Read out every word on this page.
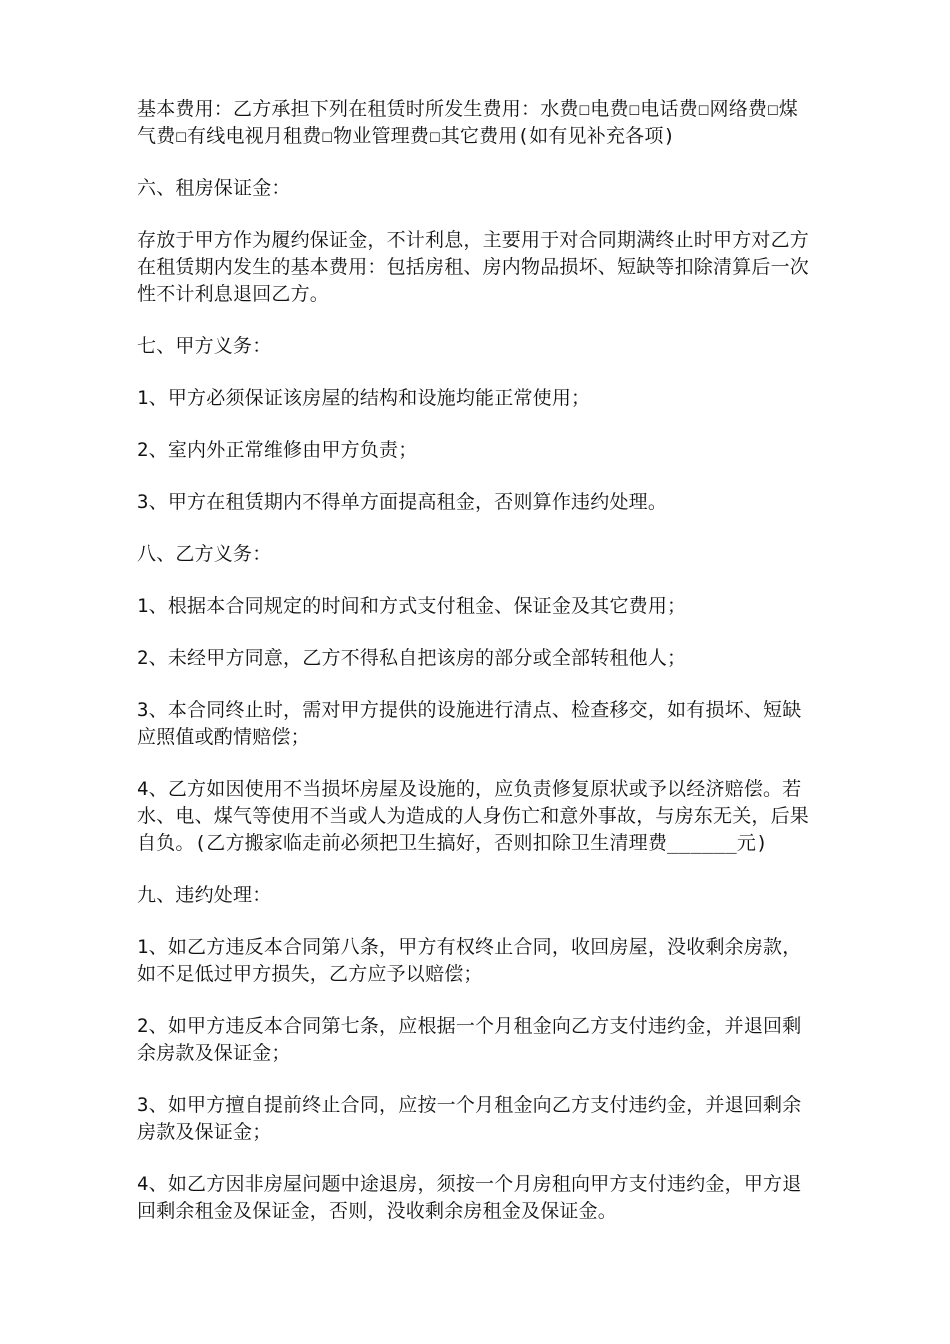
基本费用：乙方承担下列在租赁时所发生费用：水费☐电费☐电话费☐网络费☐煤气费☐有线电视月租费☐物业管理费☐其它费用(如有见补充各项)

六、租房保证金：

存放于甲方作为履约保证金，不计利息，主要用于对合同期满终止时甲方对乙方在租赁期内发生的基本费用：包括房租、房内物品损坏、短缺等扣除清算后一次性不计利息退回乙方。

七、甲方义务：

1、甲方必须保证该房屋的结构和设施均能正常使用；

2、室内外正常维修由甲方负责；

3、甲方在租赁期内不得单方面提高租金，否则算作违约处理。

八、乙方义务：

1、根据本合同规定的时间和方式支付租金、保证金及其它费用；

2、未经甲方同意，乙方不得私自把该房的部分或全部转租他人；

3、本合同终止时，需对甲方提供的设施进行清点、检查移交，如有损坏、短缺应照值或酌情赔偿；

4、乙方如因使用不当损坏房屋及设施的，应负责修复原状或予以经济赔偿。若水、电、煤气等使用不当或人为造成的人身伤亡和意外事故，与房东无关，后果自负。(乙方搬家临走前必须把卫生搞好，否则扣除卫生清理费______元)

九、违约处理：

1、如乙方违反本合同第八条，甲方有权终止合同，收回房屋，没收剩余房款，如不足低过甲方损失，乙方应予以赔偿；

2、如甲方违反本合同第七条，应根据一个月租金向乙方支付违约金，并退回剩余房款及保证金；

3、如甲方擅自提前终止合同，应按一个月租金向乙方支付违约金，并退回剩余房款及保证金；

4、如乙方因非房屋问题中途退房，须按一个月房租向甲方支付违约金，甲方退回剩余租金及保证金，否则，没收剩余房租金及保证金。
